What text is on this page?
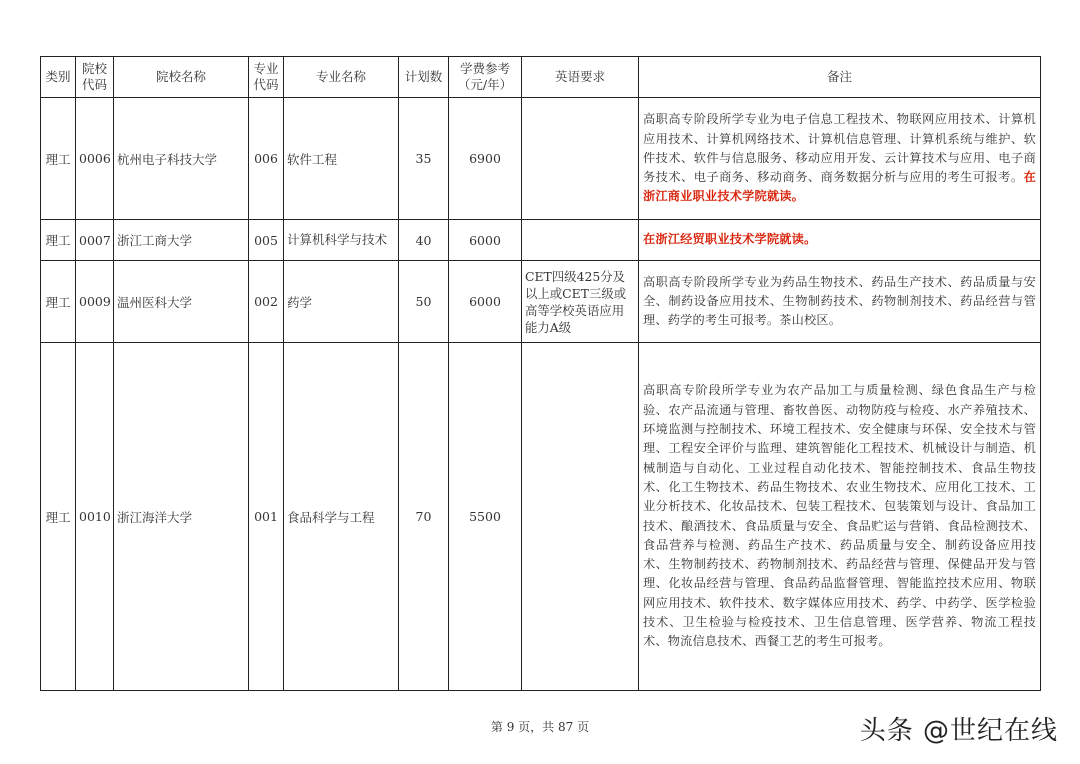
类别	院校代码	院校名称	专业代码	专业名称	计划数	学费参考（元/年）	英语要求	备注
理工	0006	杭州电子科技大学	006	软件工程	35	6900		高职高专阶段所学专业为电子信息工程技术、物联网应用技术、计算机应用技术、计算机网络技术、计算机信息管理、计算机系统与维护、软件技术、软件与信息服务、移动应用开发、云计算技术与应用、电子商务技术、电子商务、移动商务、商务数据分析与应用的考生可报考。在浙江商业职业技术学院就读。
理工	0007	浙江工商大学	005	计算机科学与技术	40	6000		在浙江经贸职业技术学院就读。
理工	0009	温州医科大学	002	药学	50	6000	CET四级425分及以上或CET三级或高等学校英语应用能力A级	高职高专阶段所学专业为药品生物技术、药品生产技术、药品质量与安全、制药设备应用技术、生物制药技术、药物制剂技术、药品经营与管理、药学的考生可报考。茶山校区。
理工	0010	浙江海洋大学	001	食品科学与工程	70	5500		高职高专阶段所学专业为农产品加工与质量检测、绿色食品生产与检验、农产品流通与管理、畜牧兽医、动物防疫与检疫、水产养殖技术、环境监测与控制技术、环境工程技术、安全健康与环保、安全技术与管理、工程安全评价与监理、建筑智能化工程技术、机械设计与制造、机械制造与自动化、工业过程自动化技术、智能控制技术、食品生物技术、化工生物技术、药品生物技术、农业生物技术、应用化工技术、工业分析技术、化妆品技术、包装工程技术、包装策划与设计、食品加工技术、酿酒技术、食品质量与安全、食品贮运与营销、食品检测技术、食品营养与检测、药品生产技术、药品质量与安全、制药设备应用技术、生物制药技术、药物制剂技术、药品经营与管理、保健品开发与管理、化妆品经营与管理、食品药品监督管理、智能监控技术应用、物联网应用技术、软件技术、数字媒体应用技术、药学、中药学、医学检验技术、卫生检验与检疫技术、卫生信息管理、医学营养、物流工程技术、物流信息技术、西餐工艺的考生可报考。
第 9 页，共 87 页	头条 @世纪在线
